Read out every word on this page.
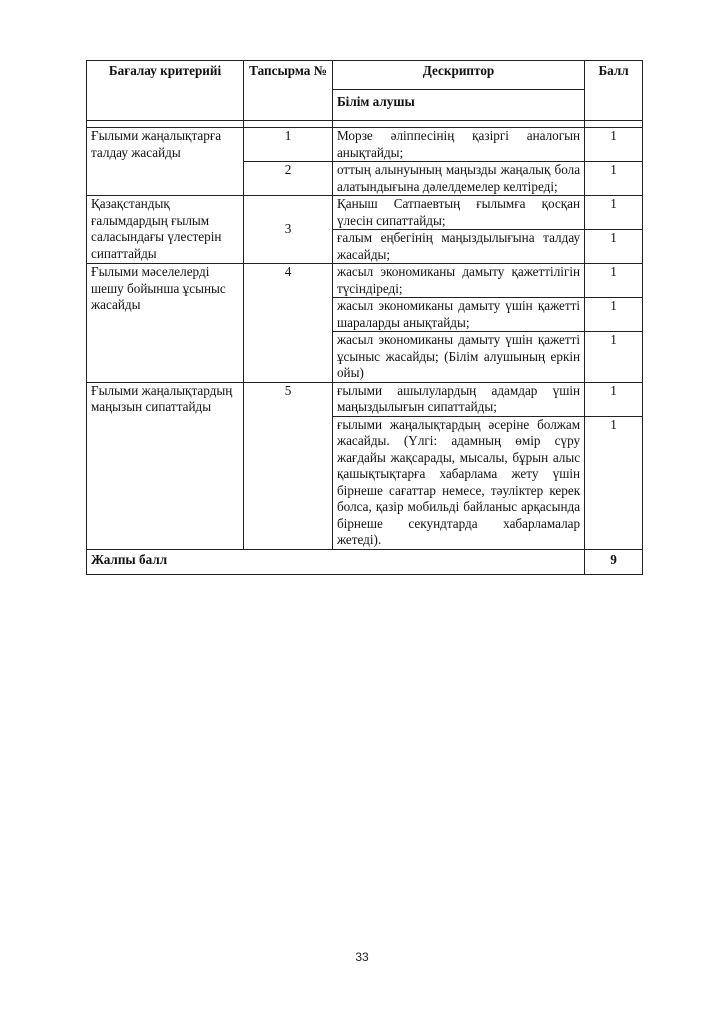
Бағалау критерийі	Тапсырма №	Дескриптор	Балл
		Білім алушы	

Ғылыми жаңалықтарға талдау жасайды	1	Морзе әліппесінің қазіргі аналогын анықтайды;	1
	2	оттың алынуының маңызды жаңалық бола алатындығына дәлелдемелер келтіреді;	1
Қазақстандық ғалымдардың ғылым саласындағы үлестерін сипаттайды	3	Қаныш Сатпаевтың ғылымға қосқан үлесін сипаттайды;	1
		ғалым еңбегінің маңыздылығына талдау жасайды;	1
Ғылыми мәселелерді шешу бойынша ұсыныс жасайды	4	жасыл экономиканы дамыту қажеттілігін түсіндіреді;	1
		жасыл экономиканы дамыту үшін қажетті шараларды анықтайды;	1
		жасыл экономиканы дамыту үшін қажетті ұсыныс жасайды; (Білім алушының еркін ойы)	1
Ғылыми жаңалықтардың маңызын сипаттайды	5	ғылыми ашылулардың адамдар үшін маңыздылығын сипаттайды;	1
		ғылыми жаңалықтардың әсеріне болжам жасайды. (Үлгі: адамның өмір сүру жағдайы жақсарады, мысалы, бұрын алыс қашықтықтарға хабарлама жету үшін бірнеше сағаттар немесе, тәуліктер керек болса, қазір мобильді байланыс арқасында бірнеше секундтарда хабарламалар жетеді).	1
Жалпы балл			9
33
